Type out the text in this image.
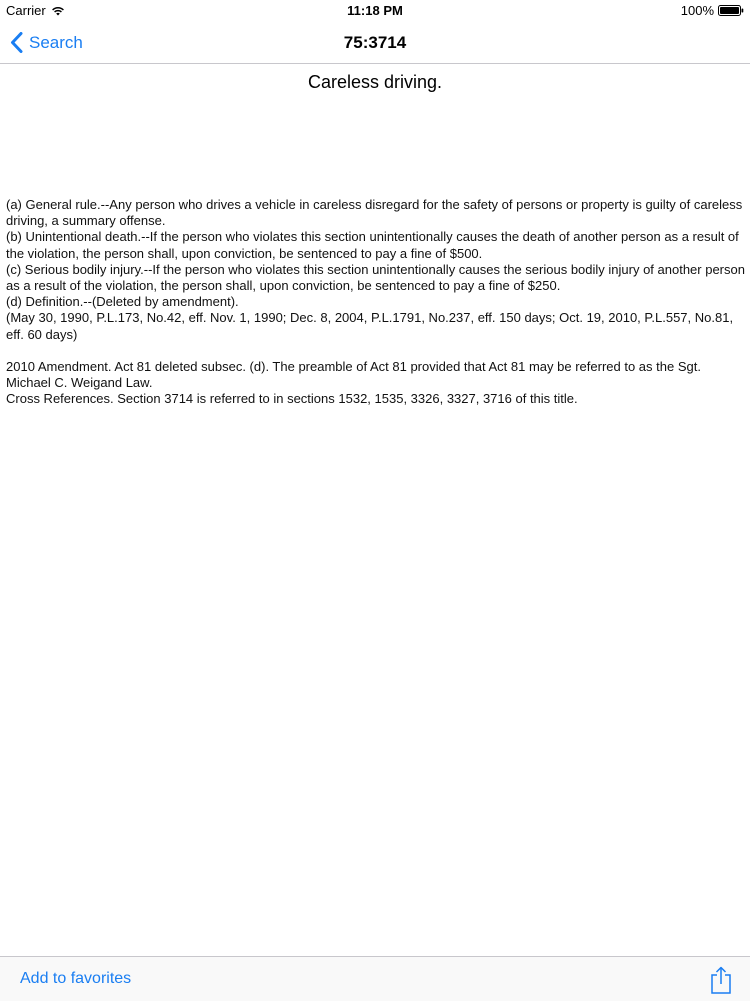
Carrier	11:18 PM	100%
Search	75:3714
Careless driving.

(a) General rule.--Any person who drives a vehicle in careless disregard for the safety of persons or property is guilty of careless driving, a summary offense.

(b) Unintentional death.--If the person who violates this section unintentionally causes the death of another person as a result of the violation, the person shall, upon conviction, be sentenced to pay a fine of $500.

(c) Serious bodily injury.--If the person who violates this section unintentionally causes the serious bodily injury of another person as a result of the violation, the person shall, upon conviction, be sentenced to pay a fine of $250.

(d) Definition.--(Deleted by amendment).

(May 30, 1990, P.L.173, No.42, eff. Nov. 1, 1990; Dec. 8, 2004, P.L.1791, No.237, eff. 150 days; Oct. 19, 2010, P.L.557, No.81, eff. 60 days)

2010 Amendment. Act 81 deleted subsec. (d). The preamble of Act 81 provided that Act 81 may be referred to as the Sgt. Michael C. Weigand Law.

Cross References. Section 3714 is referred to in sections 1532, 1535, 3326, 3327, 3716 of this title.

Add to favorites
